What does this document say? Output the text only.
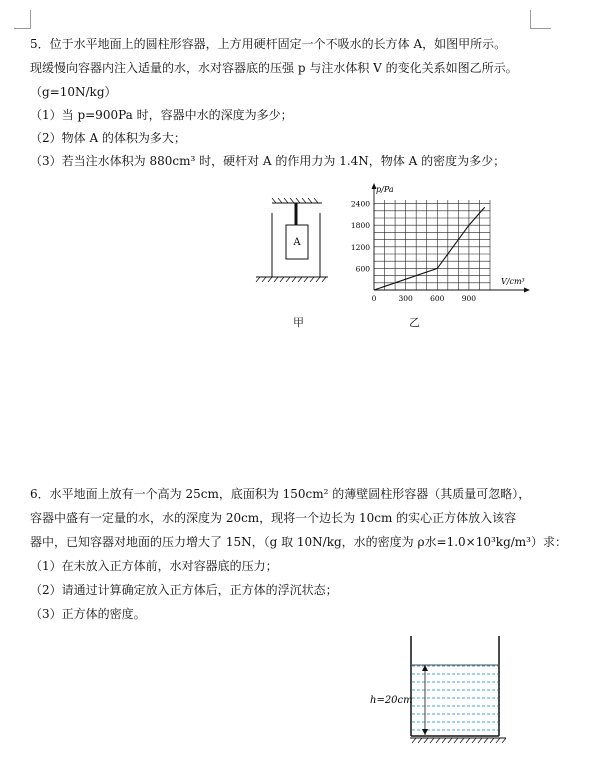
5．位于水平地面上的圆柱形容器，上方用硬杆固定一个不吸水的长方体 A，如图甲所示。
现缓慢向容器内注入适量的水，水对容器底的压强 p 与注水体积 V 的变化关系如图乙所示。
（g=10N/kg）
（1）当 p=900Pa 时，容器中水的深度为多少；
（2）物体 A 的体积为多大；
（3）若当注水体积为 880cm³ 时，硬杆对 A 的作用力为 1.4N，物体 A 的密度为多少；
A
甲
2400
1800
1200
600
0	300 600 900
p/Pa
V/cm³
乙
6．水平地面上放有一个高为 25cm，底面积为 150cm² 的薄壁圆柱形容器（其质量可忽略），
容器中盛有一定量的水，水的深度为 20cm，现将一个边长为 10cm 的实心正方体放入该容
器中，已知容器对地面的压力增大了 15N，（g 取 10N/kg，水的密度为 ρ水=1.0×10³kg/m³）求：
（1）在未放入正方体前，水对容器底的压力；
（2）请通过计算确定放入正方体后，正方体的浮沉状态；
（3）正方体的密度。
h=20cm
